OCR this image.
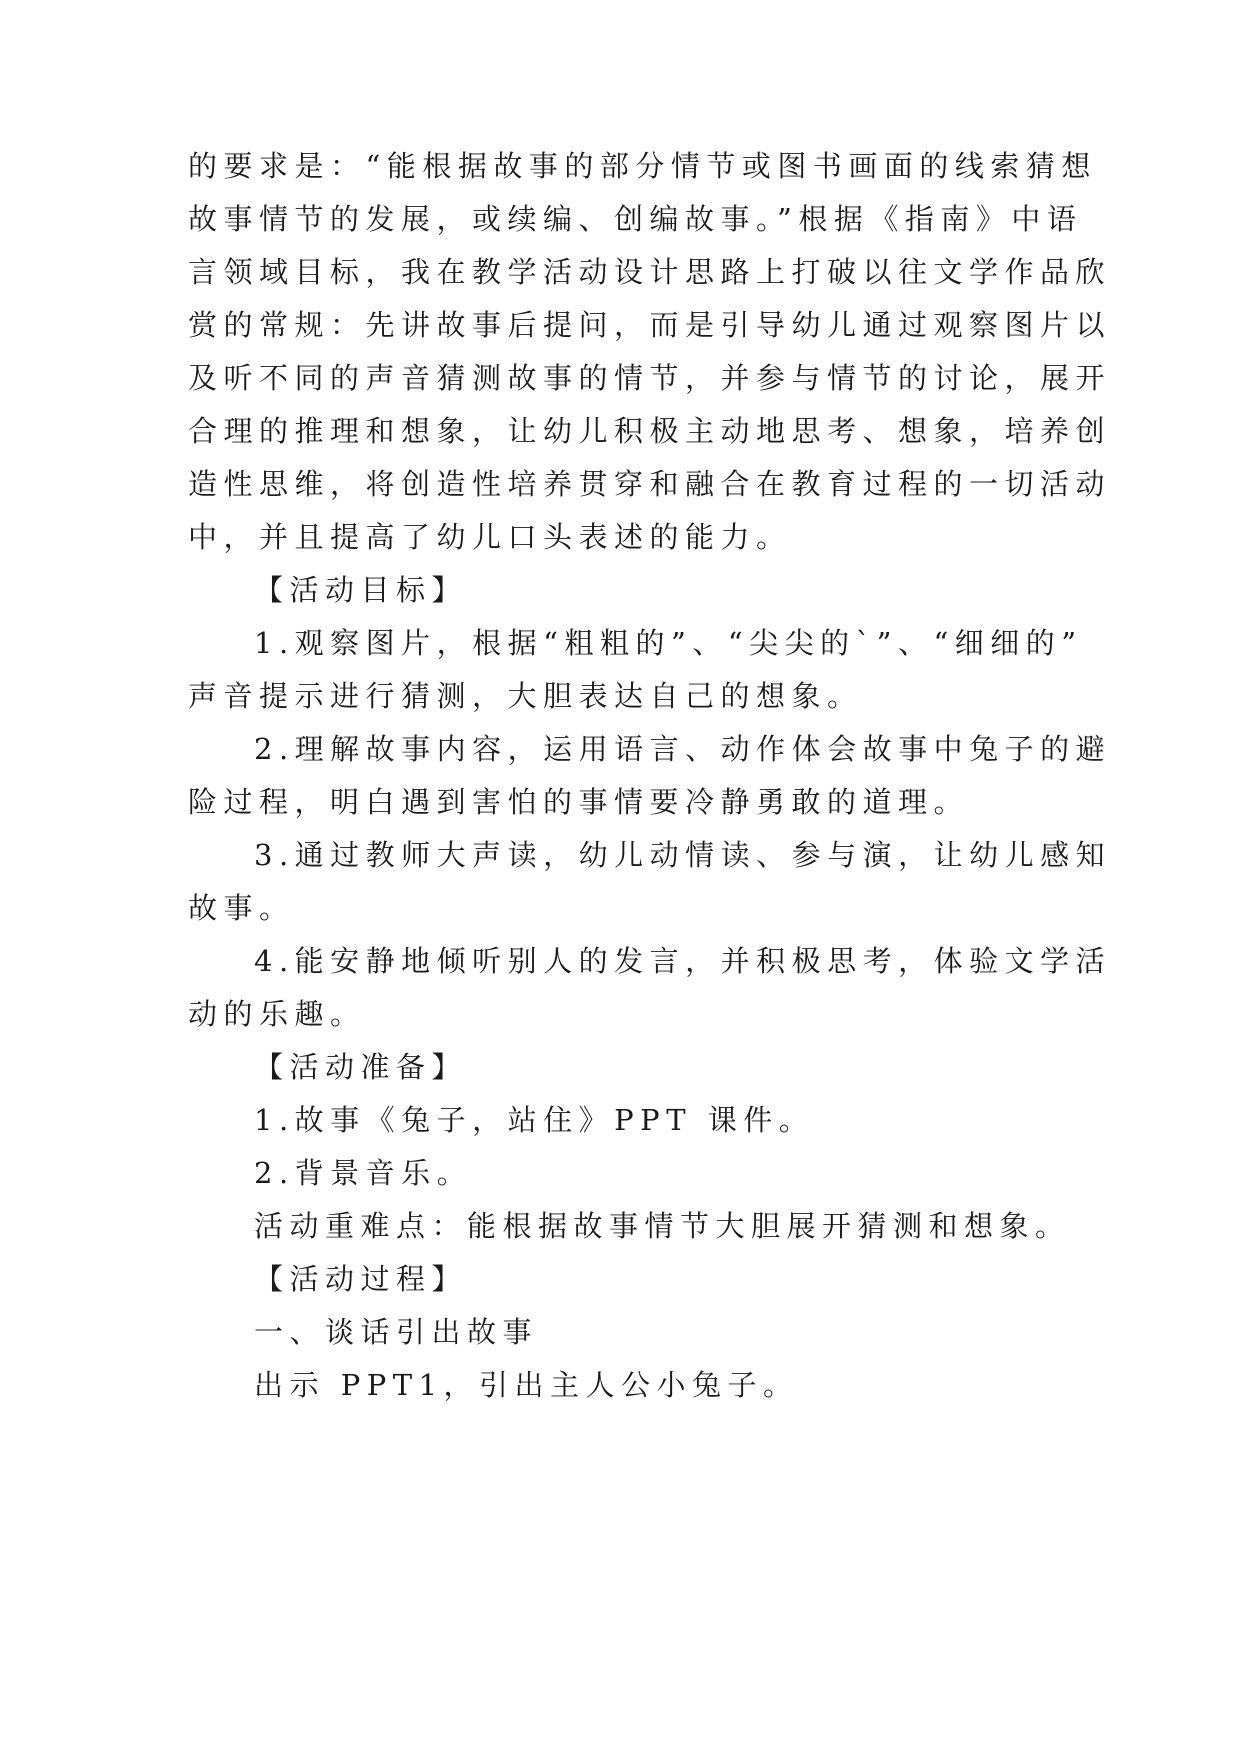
的要求是：“能根据故事的部分情节或图书画面的线索猜想
故事情节的发展，或续编、创编故事。”根据《指南》中语
言领域目标，我在教学活动设计思路上打破以往文学作品欣
赏的常规：先讲故事后提问，而是引导幼儿通过观察图片以
及听不同的声音猜测故事的情节，并参与情节的讨论，展开
合理的推理和想象，让幼儿积极主动地思考、想象，培养创
造性思维，将创造性培养贯穿和融合在教育过程的一切活动
中，并且提高了幼儿口头表述的能力。
【活动目标】
1.观察图片，根据“粗粗的”、“尖尖的`”、“细细的”
声音提示进行猜测，大胆表达自己的想象。
2.理解故事内容，运用语言、动作体会故事中兔子的避
险过程，明白遇到害怕的事情要冷静勇敢的道理。
3.通过教师大声读，幼儿动情读、参与演，让幼儿感知
故事。
4.能安静地倾听别人的发言，并积极思考，体验文学活
动的乐趣。
【活动准备】
1.故事《兔子，站住》PPT 课件。
2.背景音乐。
活动重难点：能根据故事情节大胆展开猜测和想象。
【活动过程】
一、谈话引出故事
出示 PPT1，引出主人公小兔子。
